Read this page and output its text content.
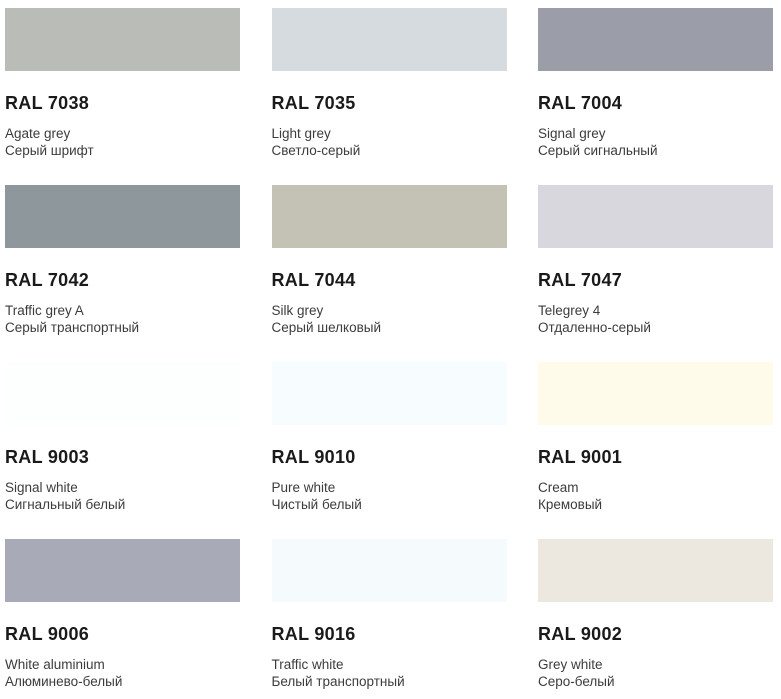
RAL 7038
Agate grey
Серый шрифт
RAL 7035
Light grey
Светло-серый
RAL 7004
Signal grey
Серый сигнальный
RAL 7042
Traffic grey A
Серый транспортный
RAL 7044
Silk grey
Серый шелковый
RAL 7047
Telegrey 4
Отдаленно-серый
RAL 9003
Signal white
Сигнальный белый
RAL 9010
Pure white
Чистый белый
RAL 9001
Cream
Кремовый
RAL 9006
White aluminium
Алюминево-белый
RAL 9016
Traffic white
Белый транспортный
RAL 9002
Grey white
Серо-белый
